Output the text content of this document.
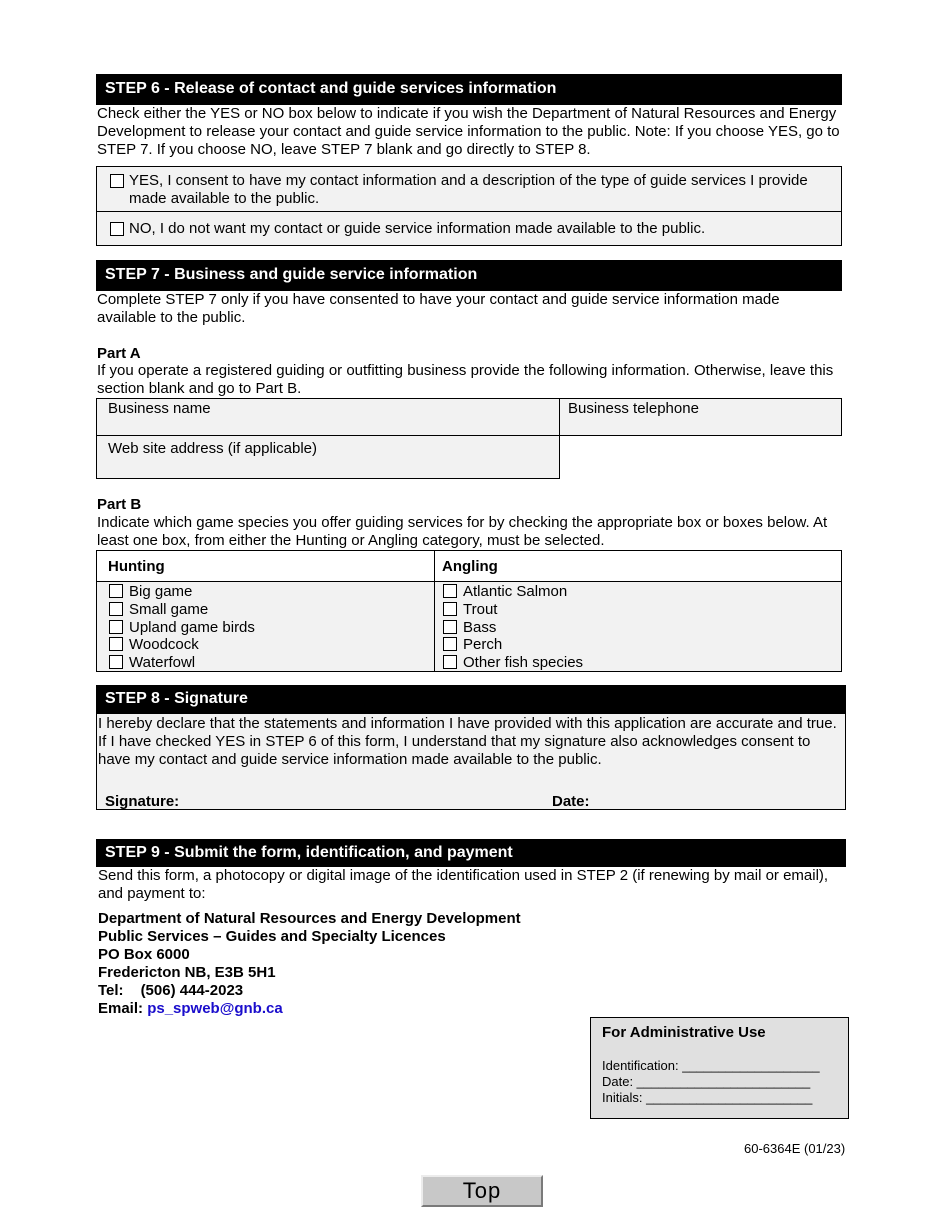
STEP 6 - Release of contact and guide services information
Check either the YES or NO box below to indicate if you wish the Department of Natural Resources and Energy Development to release your contact and guide service information to the public. Note: If you choose YES, go to STEP 7. If you choose NO, leave STEP 7 blank and go directly to STEP 8.
YES, I consent to have my contact information and a description of the type of guide services I provide made available to the public.
NO, I do not want my contact or guide service information made available to the public.
STEP 7 - Business and guide service information
Complete STEP 7 only if you have consented to have your contact and guide service information made available to the public.
Part A
If you operate a registered guiding or outfitting business provide the following information. Otherwise, leave this section blank and go to Part B.
Business name	Business telephone
Web site address (if applicable)
Part B
Indicate which game species you offer guiding services for by checking the appropriate box or boxes below. At least one box, from either the Hunting or Angling category, must be selected.
Hunting	Angling
Big game
Small game
Upland game birds
Woodcock
Waterfowl
Atlantic Salmon
Trout
Bass
Perch
Other fish species
STEP 8 - Signature
I hereby declare that the statements and information I have provided with this application are accurate and true. If I have checked YES in STEP 6 of this form, I understand that my signature also acknowledges consent to have my contact and guide service information made available to the public.
Signature:	Date:
STEP 9 - Submit the form, identification, and payment
Send this form, a photocopy or digital image of the identification used in STEP 2 (if renewing by mail or email), and payment to:
Department of Natural Resources and Energy Development
Public Services – Guides and Specialty Licences
PO Box 6000
Fredericton NB, E3B 5H1
Tel: (506) 444-2023
Email: ps_spweb@gnb.ca
For Administrative Use
Identification: ___________________
Date: ________________________
Initials: _______________________
60-6364E (01/23)
Top
